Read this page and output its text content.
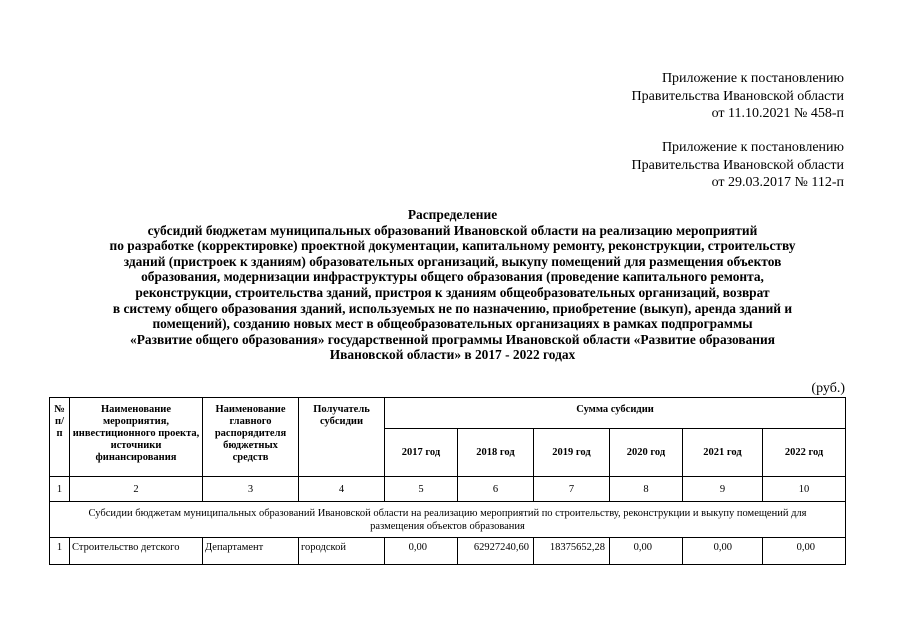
Приложение к постановлению
Правительства Ивановской области
от 11.10.2021 № 458-п
Приложение к постановлению
Правительства Ивановской области
от 29.03.2017 № 112-п
Распределение
субсидий бюджетам муниципальных образований Ивановской области на реализацию мероприятий
по разработке (корректировке) проектной документации, капитальному ремонту, реконструкции, строительству
зданий (пристроек к зданиям) образовательных организаций, выкупу помещений для размещения объектов
образования, модернизации инфраструктуры общего образования (проведение капитального ремонта,
реконструкции, строительства зданий, пристроя к зданиям общеобразовательных организаций, возврат
в систему общего образования зданий, используемых не по назначению, приобретение (выкуп), аренда зданий и
помещений), созданию новых мест в общеобразовательных организациях в рамках подпрограммы
«Развитие общего образования» государственной программы Ивановской области «Развитие образования
Ивановской области» в 2017 - 2022 годах
(руб.)
№ п/п	Наименование мероприятия, инвестиционного проекта, источники финансирования	Наименование главного распорядителя бюджетных средств	Получатель субсидии	Сумма субсидии					
				2017 год	2018 год	2019 год	2020 год	2021 год	2022 год
1	2	3	4	5	6	7	8	9	10
Субсидии бюджетам муниципальных образований Ивановской области на реализацию мероприятий по строительству, реконструкции и выкупу помещений для размещения объектов образования									
1	Строительство детского	Департамент	городской	0,00	62927240,60	18375652,28	0,00	0,00	0,00
